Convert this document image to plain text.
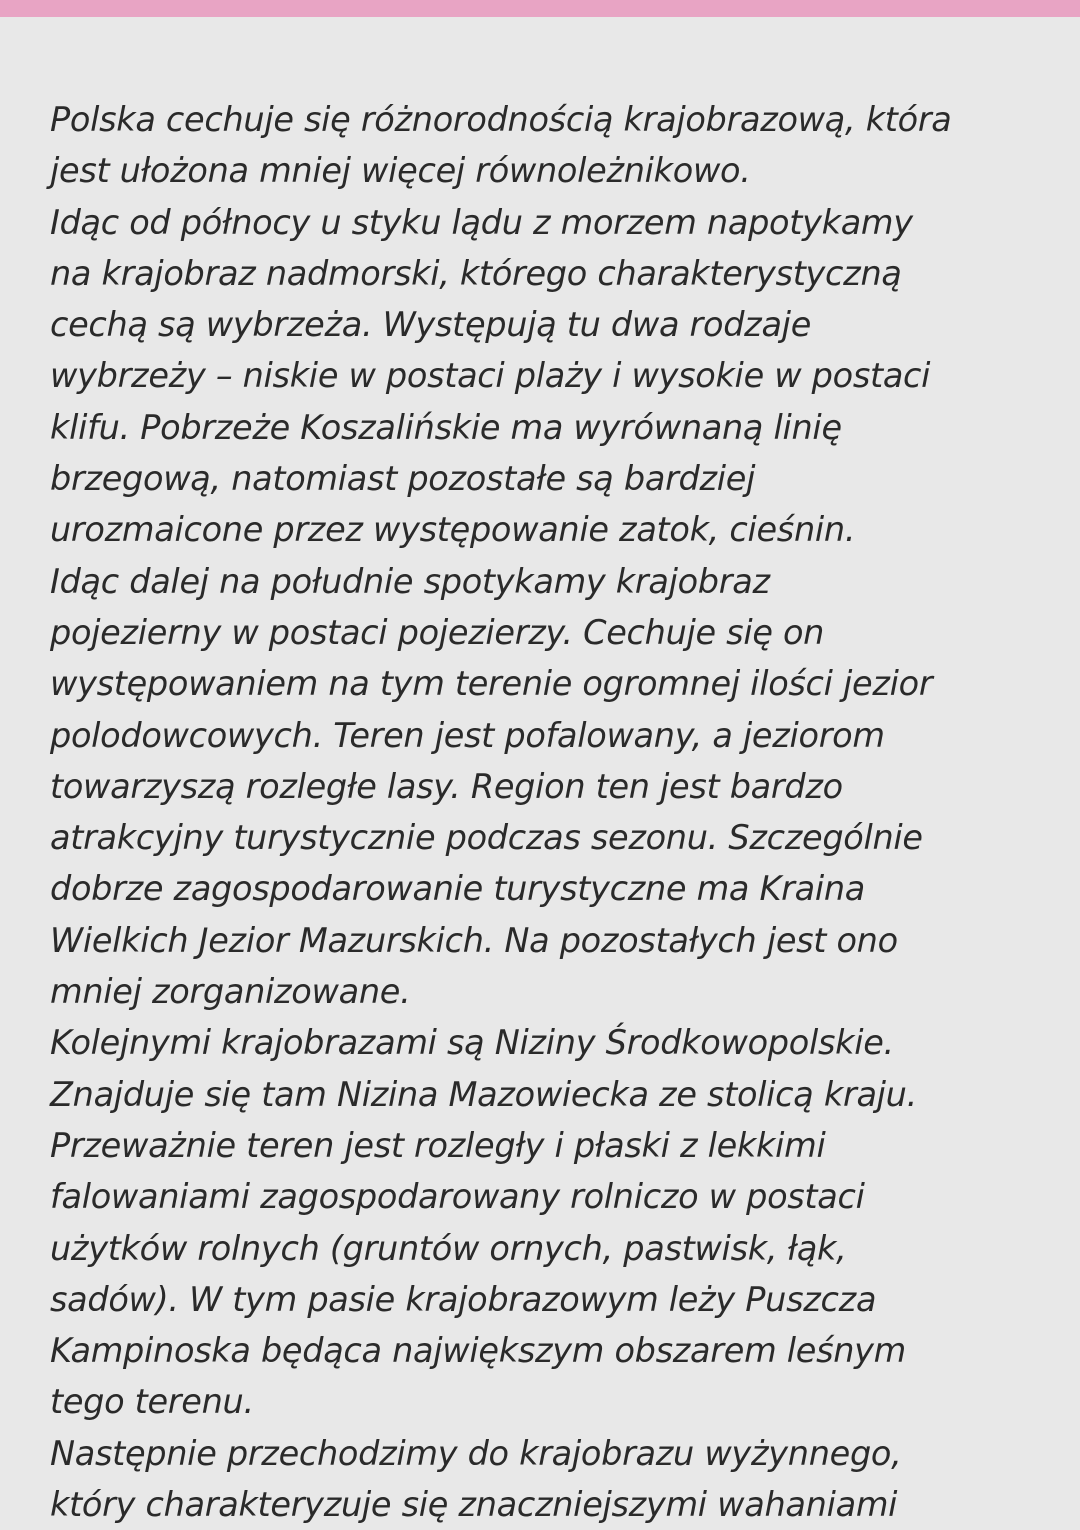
Polska cechuje się różnorodnością krajobrazową, która
jest ułożona mniej więcej równoleżnikowo.
Idąc od północy u styku lądu z morzem napotykamy
na krajobraz nadmorski, którego charakterystyczną
cechą są wybrzeża. Występują tu dwa rodzaje
wybrzeży – niskie w postaci plaży i wysokie w postaci
klifu. Pobrzeże Koszalińskie ma wyrównaną linię
brzegową, natomiast pozostałe są bardziej
urozmaicone przez występowanie zatok, cieśnin.
Idąc dalej na południe spotykamy krajobraz
pojezierny w postaci pojezierzy. Cechuje się on
występowaniem na tym terenie ogromnej ilości jezior
polodowcowych. Teren jest pofalowany, a jeziorom
towarzyszą rozległe lasy. Region ten jest bardzo
atrakcyjny turystycznie podczas sezonu. Szczególnie
dobrze zagospodarowanie turystyczne ma Kraina
Wielkich Jezior Mazurskich. Na pozostałych jest ono
mniej zorganizowane.
Kolejnymi krajobrazami są Niziny Środkowopolskie.
Znajduje się tam Nizina Mazowiecka ze stolicą kraju.
Przeważnie teren jest rozległy i płaski z lekkimi
falowaniami zagospodarowany rolniczo w postaci
użytków rolnych (gruntów ornych, pastwisk, łąk,
sadów). W tym pasie krajobrazowym leży Puszcza
Kampinoska będąca największym obszarem leśnym
tego terenu.
Następnie przechodzimy do krajobrazu wyżynnego,
który charakteryzuje się znaczniejszymi wahaniami
